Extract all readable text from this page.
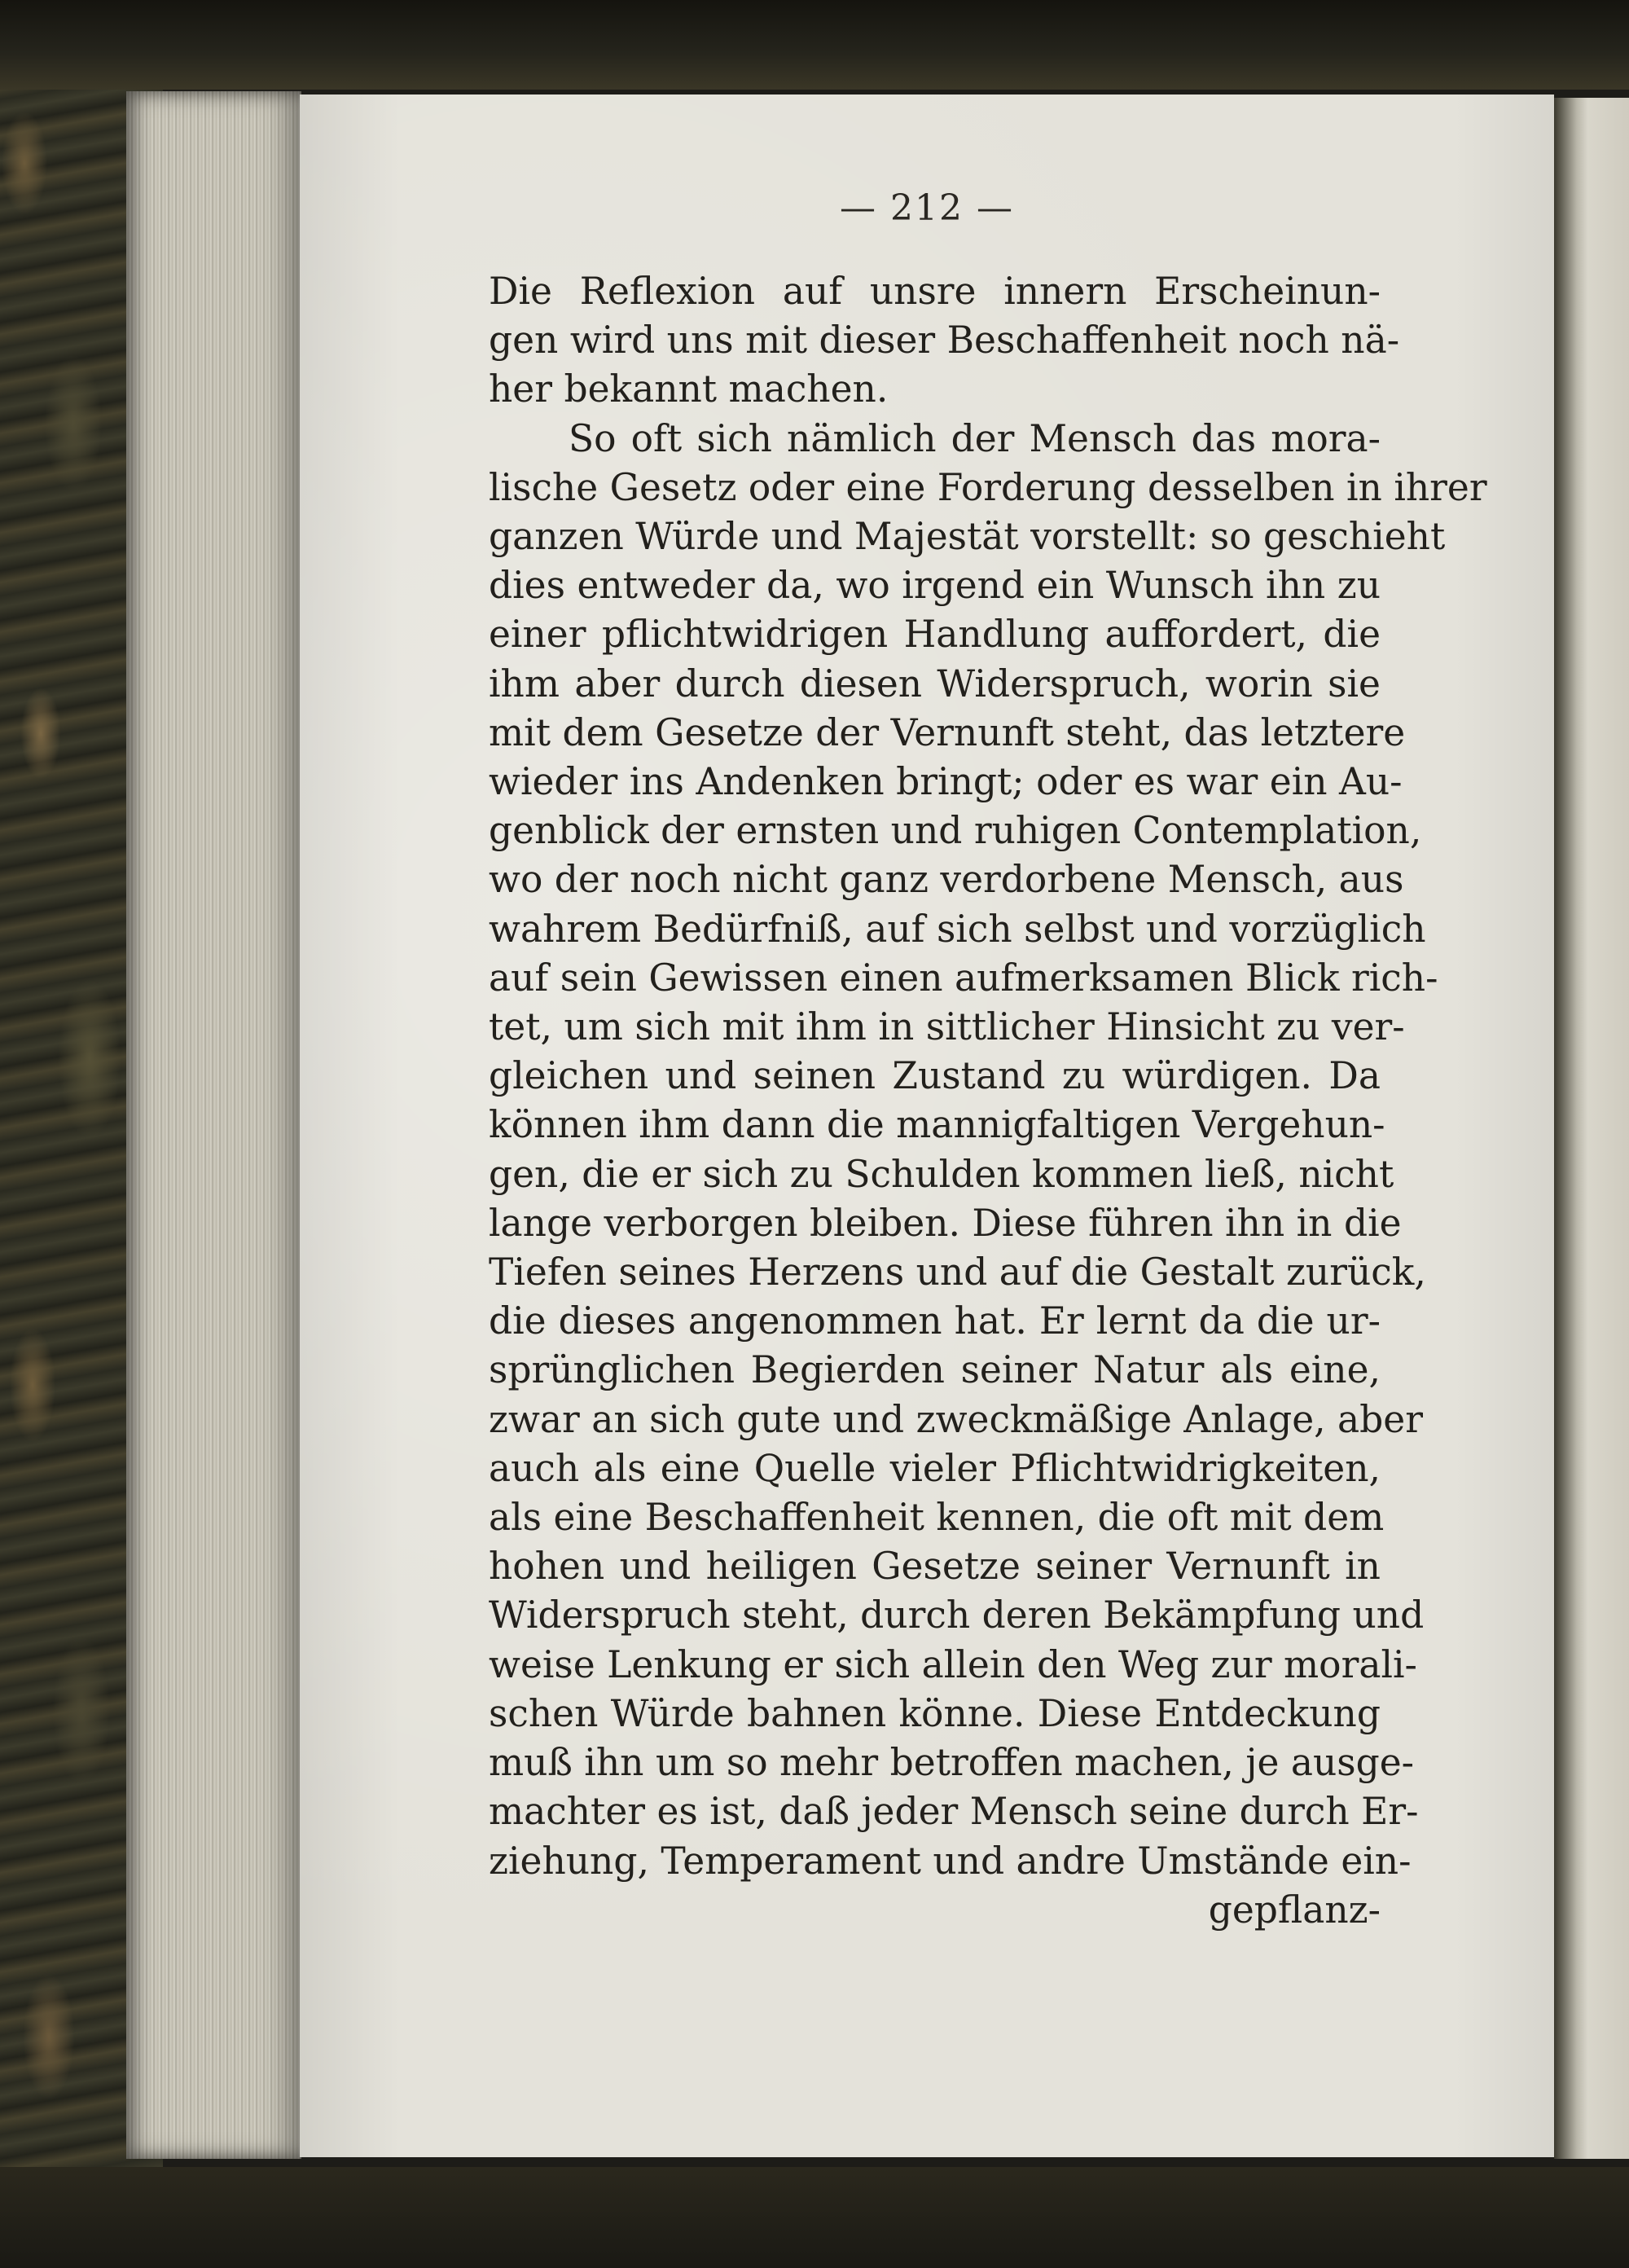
— 212 —
Die Reflexion auf unsre innern Erscheinun-
gen wird uns mit dieser Beschaffenheit noch nä-
her bekannt machen.
So oft sich nämlich der Mensch das mora-
lische Gesetz oder eine Forderung desselben in ihrer
ganzen Würde und Majestät vorstellt: so geschieht
dies entweder da, wo irgend ein Wunsch ihn zu
einer pflichtwidrigen Handlung auffordert, die
ihm aber durch diesen Widerspruch, worin sie
mit dem Gesetze der Vernunft steht, das letztere
wieder ins Andenken bringt; oder es war ein Au-
genblick der ernsten und ruhigen Contemplation,
wo der noch nicht ganz verdorbene Mensch, aus
wahrem Bedürfniß, auf sich selbst und vorzüglich
auf sein Gewissen einen aufmerksamen Blick rich-
tet, um sich mit ihm in sittlicher Hinsicht zu ver-
gleichen und seinen Zustand zu würdigen. Da
können ihm dann die mannigfaltigen Vergehun-
gen, die er sich zu Schulden kommen ließ, nicht
lange verborgen bleiben. Diese führen ihn in die
Tiefen seines Herzens und auf die Gestalt zurück,
die dieses angenommen hat. Er lernt da die ur-
sprünglichen Begierden seiner Natur als eine,
zwar an sich gute und zweckmäßige Anlage, aber
auch als eine Quelle vieler Pflichtwidrigkeiten,
als eine Beschaffenheit kennen, die oft mit dem
hohen und heiligen Gesetze seiner Vernunft in
Widerspruch steht, durch deren Bekämpfung und
weise Lenkung er sich allein den Weg zur morali-
schen Würde bahnen könne. Diese Entdeckung
muß ihn um so mehr betroffen machen, je ausge-
machter es ist, daß jeder Mensch seine durch Er-
ziehung, Temperament und andre Umstände ein-
gepflanz-
